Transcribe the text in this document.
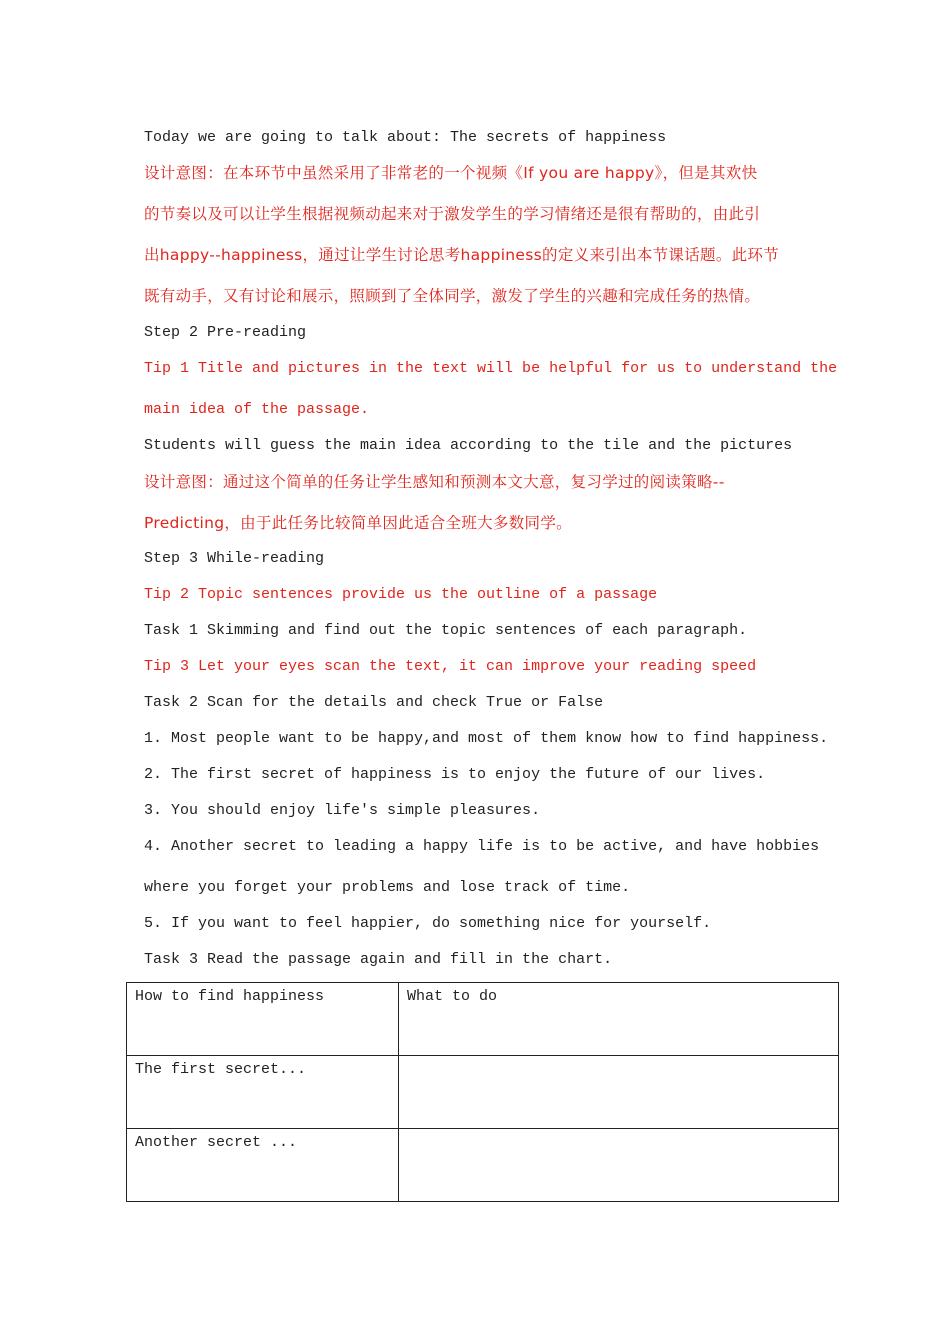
Today we are going to talk about: The secrets of happiness
设计意图：在本环节中虽然采用了非常老的一个视频《If you are happy》，但是其欢快
的节奏以及可以让学生根据视频动起来对于激发学生的学习情绪还是很有帮助的，由此引
出happy--happiness，通过让学生讨论思考happiness的定义来引出本节课话题。此环节
既有动手，又有讨论和展示，照顾到了全体同学，激发了学生的兴趣和完成任务的热情。
Step 2 Pre-reading
Tip 1 Title and pictures in the text will be helpful for us to understand the
main idea of the passage.
Students will guess the main idea according to the tile and the pictures
设计意图：通过这个简单的任务让学生感知和预测本文大意，复习学过的阅读策略--
Predicting，由于此任务比较简单因此适合全班大多数同学。
Step 3 While-reading
Tip 2 Topic sentences provide us the outline of a passage
Task 1 Skimming and find out the topic sentences of each paragraph.
Tip 3 Let your eyes scan the text, it can improve your reading speed
Task 2 Scan for the details and check True or False
1. Most people want to be happy,and most of them know how to find happiness.
2. The first secret of happiness is to enjoy the future of our lives.
3. You should enjoy life's simple pleasures.
4. Another secret to leading a happy life is to be active, and have hobbies
where you forget your problems and lose track of time.
5. If you want to feel happier, do something nice for yourself.
Task 3 Read the passage again and fill in the chart.
How to find happiness	What to do
The first secret...	
Another secret ...	
